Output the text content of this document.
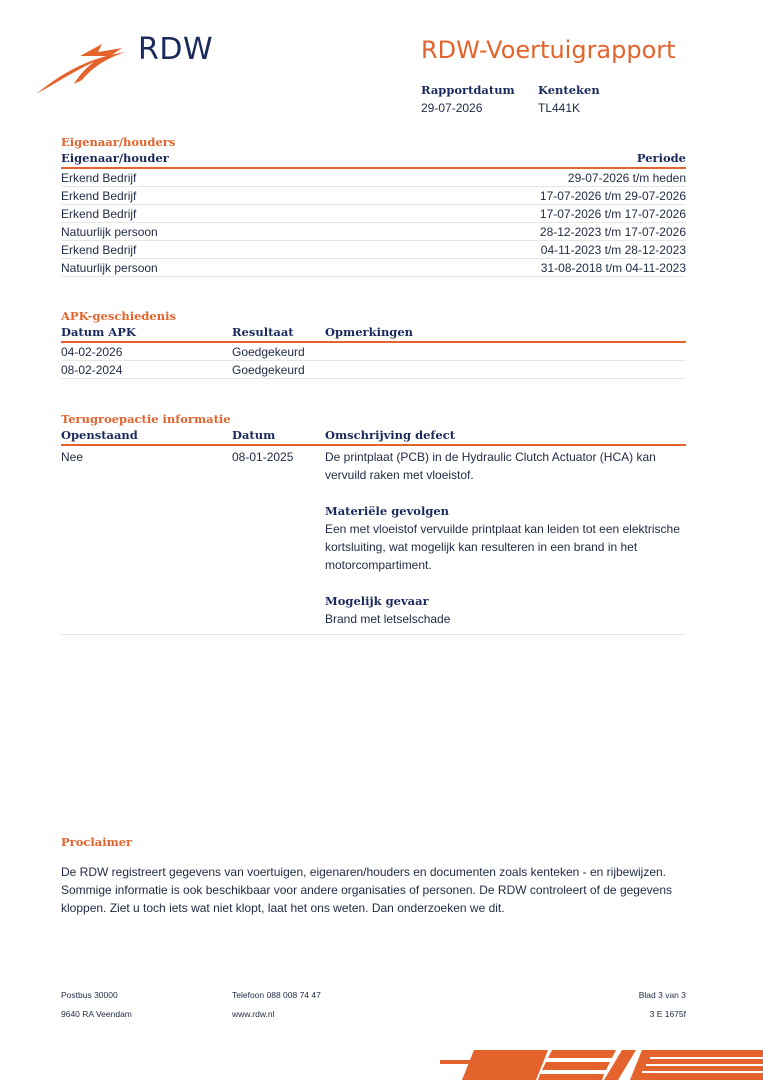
RDW	RDW-Voertuigrapport
Rapportdatum
29-07-2026
Kenteken
TL441K
Eigenaar/houders
Eigenaar/houder	Periode
Erkend Bedrijf	29-07-2026 t/m heden
Erkend Bedrijf	17-07-2026 t/m 29-07-2026
Erkend Bedrijf	17-07-2026 t/m 17-07-2026
Natuurlijk persoon	28-12-2023 t/m 17-07-2026
Erkend Bedrijf	04-11-2023 t/m 28-12-2023
Natuurlijk persoon	31-08-2018 t/m 04-11-2023
APK-geschiedenis
Datum APK	Resultaat	Opmerkingen
04-02-2026	Goedgekeurd
08-02-2024	Goedgekeurd
Terugroepactie informatie
Openstaand	Datum	Omschrijving defect
Nee	08-01-2025	De printplaat (PCB) in de Hydraulic Clutch Actuator (HCA) kan vervuild raken met vloeistof.
Materiële gevolgen
Een met vloeistof vervuilde printplaat kan leiden tot een elektrische kortsluiting, wat mogelijk kan resulteren in een brand in het motorcompartiment.
Mogelijk gevaar
Brand met letselschade
Proclaimer

De RDW registreert gegevens van voertuigen, eigenaren/houders en documenten zoals kenteken - en rijbewijzen. Sommige informatie is ook beschikbaar voor andere organisaties of personen. De RDW controleert of de gegevens kloppen. Ziet u toch iets wat niet klopt, laat het ons weten. Dan onderzoeken we dit.

Postbus 30000
9640 RA Veendam
Telefoon 088 008 74 47
www.rdw.nl
Blad 3 van 3
3 E 1675f
